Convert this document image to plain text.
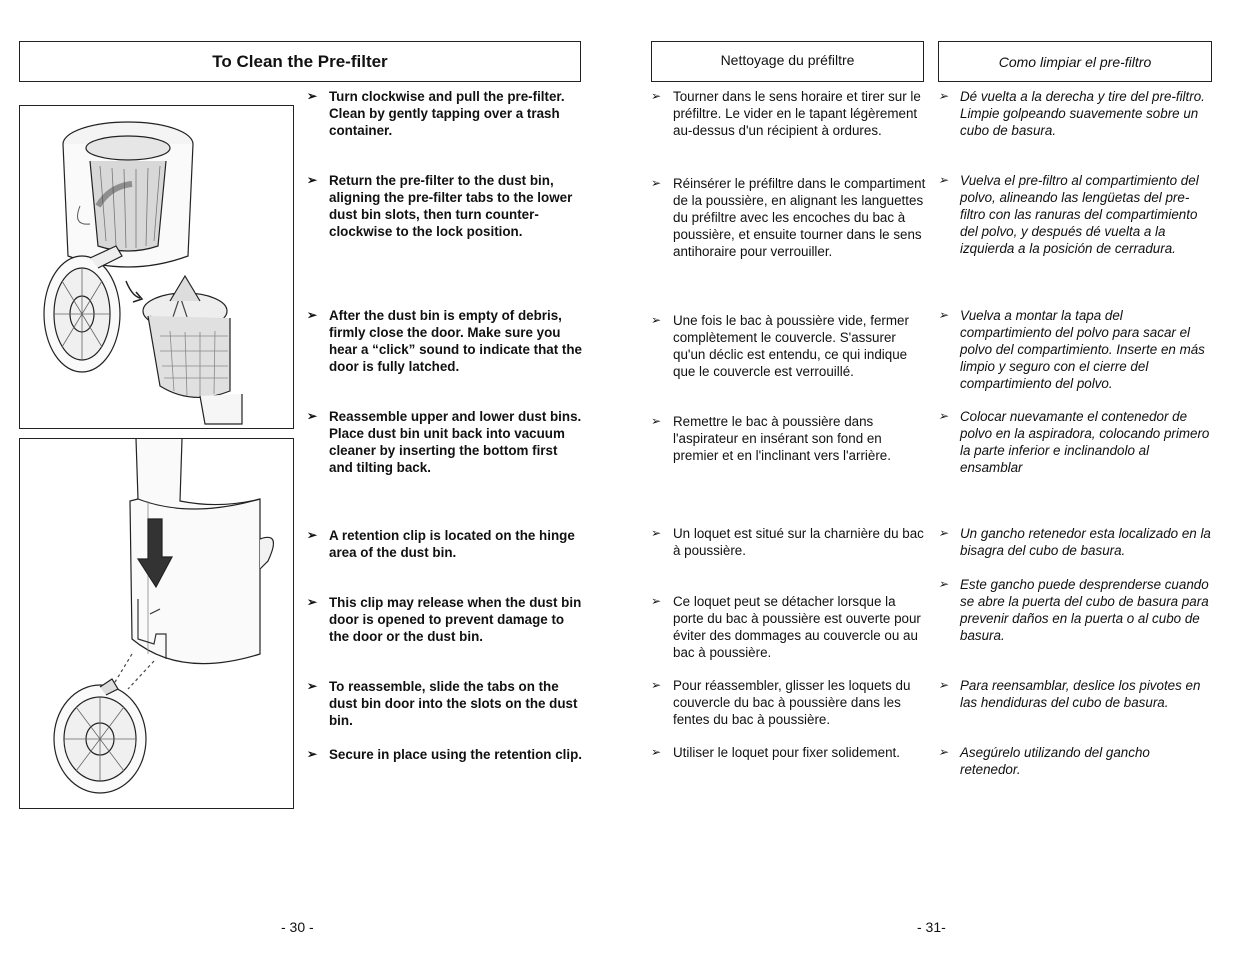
To Clean the Pre-filter	Nettoyage du préfiltre	Como limpiar el pre-filtro
➢ Turn clockwise and pull the pre-filter. Clean by gently tapping over a trash container.
➢ Return the pre-filter to the dust bin, aligning the pre-filter tabs to the lower dust bin slots, then turn counter-clockwise to the lock position.
➢ After the dust bin is empty of debris, firmly close the door. Make sure you hear a “click” sound to indicate that the door is fully latched.
➢ Reassemble upper and lower dust bins. Place dust bin unit back into vacuum cleaner by inserting the bottom first and tilting back.
➢ A retention clip is located on the hinge area of the dust bin.
➢ This clip may release when the dust bin door is opened to prevent damage to the door or the dust bin.
➢ To reassemble, slide the tabs on the dust bin door into the slots on the dust bin.
➢ Secure in place using the retention clip.
➢ Tourner dans le sens horaire et tirer sur le préfiltre. Le vider en le tapant légèrement au-dessus d'un récipient à ordures.
➢ Réinsérer le préfiltre dans le compartiment de la poussière, en alignant les languettes du préfiltre avec les encoches du bac à poussière, et ensuite tourner dans le sens antihoraire pour verrouiller.
➢ Une fois le bac à poussière vide, fermer complètement le couvercle. S'assurer qu'un déclic est entendu, ce qui indique que le couvercle est verrouillé.
➢ Remettre le bac à poussière dans l'aspirateur en insérant son fond en premier et en l'inclinant vers l'arrière.
➢ Un loquet est situé sur la charnière du bac à poussière.
➢ Ce loquet peut se détacher lorsque la porte du bac à poussière est ouverte pour éviter des dommages au couvercle ou au bac à poussière.
➢ Pour réassembler, glisser les loquets du couvercle du bac à poussière dans les fentes du bac à poussière.
➢ Utiliser le loquet pour fixer solidement.
➢ Dé vuelta a la derecha y tire del pre-filtro. Limpie golpeando suavemente sobre un cubo de basura.
➢ Vuelva el pre-filtro al compartimiento del polvo, alineando las lengüetas del pre-filtro con las ranuras del compartimiento del polvo, y después dé vuelta a la izquierda a la posición de cerradura.
➢ Vuelva a montar la tapa del compartimiento del polvo para sacar el polvo del compartimiento. Inserte en más limpio y seguro con el cierre del compartimiento del polvo.
➢ Colocar nuevamante el contenedor de polvo en la aspiradora, colocando primero la parte inferior e inclinandolo al ensamblar
➢ Un gancho retenedor esta localizado en la bisagra del cubo de basura.
➢ Este gancho puede desprenderse cuando se abre la puerta del cubo de basura para prevenir daños en la puerta o al cubo de basura.
➢ Para reensamblar, deslice los pivotes en las hendiduras del cubo de basura.
➢ Asegúrelo utilizando del gancho retenedor.
- 30 -	- 31-
